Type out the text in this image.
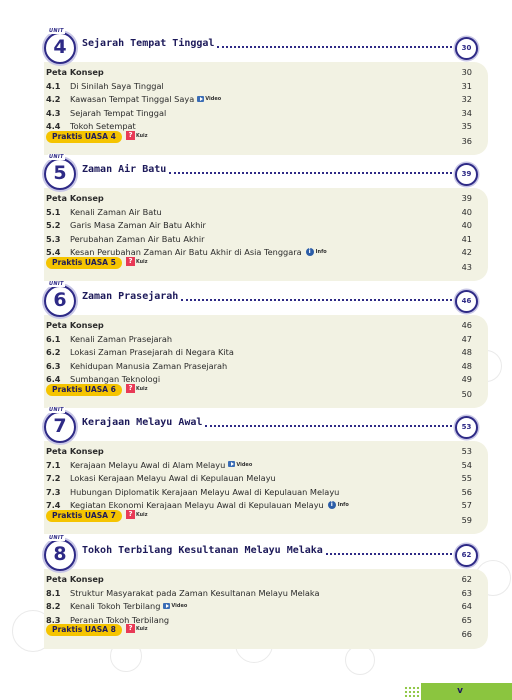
Peta Konsep	30
4.1 Di Sinilah Saya Tinggal	31
4.2 Kawasan Tempat Tinggal Saya Video	32
4.3 Sejarah Tempat Tinggal	34
4.4 Tokoh Setempat	35
Praktis UASA 4	? Kuiz	36
UNIT
4	Sejarah Tempat Tinggal	30
Peta Konsep	39
5.1 Kenali Zaman Air Batu	40
5.2 Garis Masa Zaman Air Batu Akhir	40
5.3 Perubahan Zaman Air Batu Akhir	41
5.4 Kesan Perubahan Zaman Air Batu Akhir di Asia Tenggara i Info	42
Praktis UASA 5	? Kuiz	43
UNIT
5	Zaman Air Batu	39
Peta Konsep	46
6.1 Kenali Zaman Prasejarah	47
6.2 Lokasi Zaman Prasejarah di Negara Kita	48
6.3 Kehidupan Manusia Zaman Prasejarah	48
6.4 Sumbangan Teknologi	49
Praktis UASA 6	? Kuiz	50
UNIT
6	Zaman Prasejarah	46
Peta Konsep	53
7.1 Kerajaan Melayu Awal di Alam Melayu Video	54
7.2 Lokasi Kerajaan Melayu Awal di Kepulauan Melayu	55
7.3 Hubungan Diplomatik Kerajaan Melayu Awal di Kepulauan Melayu	56
7.4 Kegiatan Ekonomi Kerajaan Melayu Awal di Kepulauan Melayu i Info	57
Praktis UASA 7	? Kuiz	59
UNIT
7	Kerajaan Melayu Awal	53
Peta Konsep	62
8.1 Struktur Masyarakat pada Zaman Kesultanan Melayu Melaka	63
8.2 Kenali Tokoh Terbilang Video	64
8.3 Peranan Tokoh Terbilang	65
Praktis UASA 8	? Kuiz	66
UNIT
8	Tokoh Terbilang Kesultanan Melayu Melaka	62
v
